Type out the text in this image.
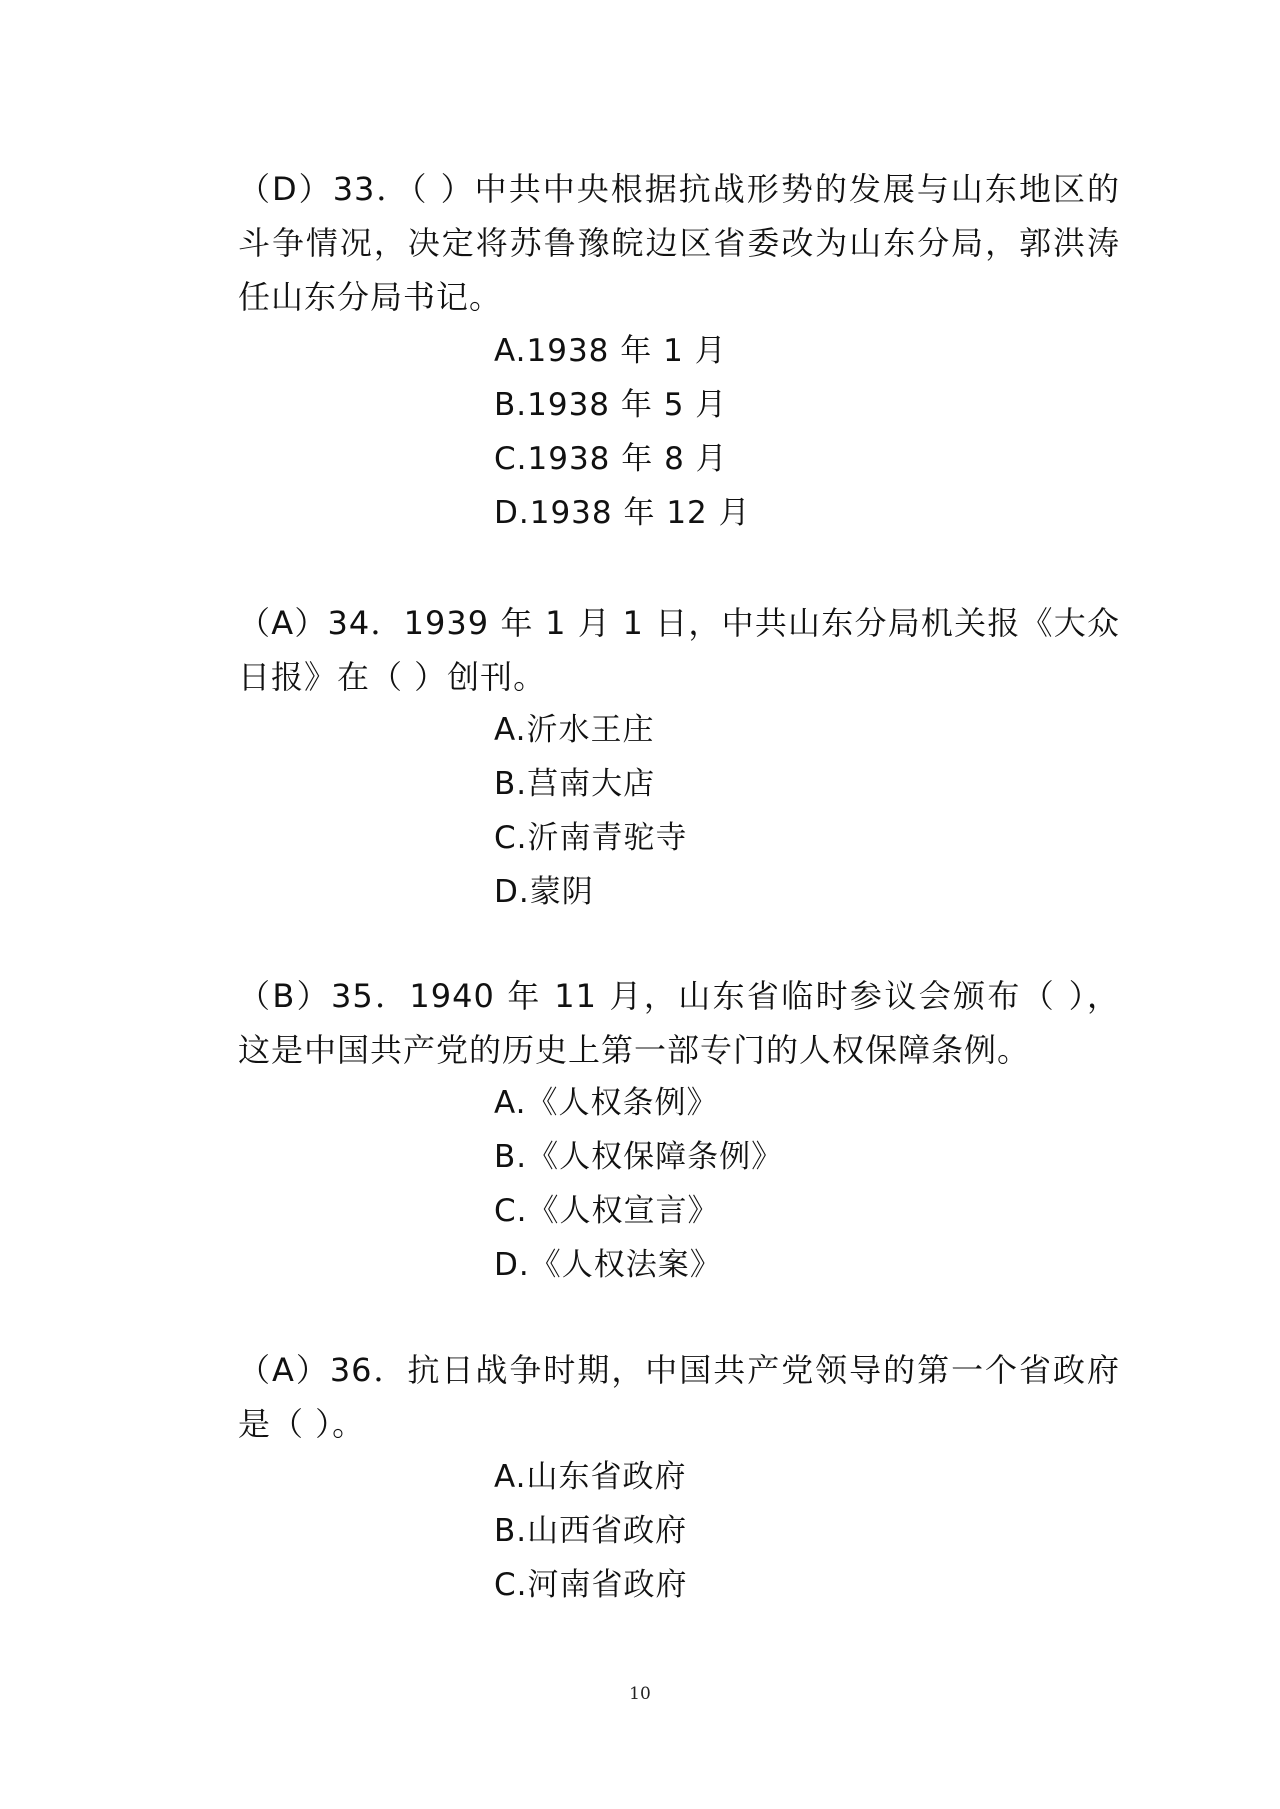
（D）33．（ ）中共中央根据抗战形势的发展与山东地区的斗争情况，决定将苏鲁豫皖边区省委改为山东分局，郭洪涛任山东分局书记。

A.1938 年 1 月
B.1938 年 5 月
C.1938 年 8 月
D.1938 年 12 月

（A）34．1939 年 1 月 1 日，中共山东分局机关报《大众日报》在（ ）创刊。

A.沂水王庄
B.莒南大店
C.沂南青驼寺
D.蒙阴

（B）35．1940 年 11 月，山东省临时参议会颁布（ ），这是中国共产党的历史上第一部专门的人权保障条例。

A.《人权条例》
B.《人权保障条例》
C.《人权宣言》
D.《人权法案》

（A）36．抗日战争时期，中国共产党领导的第一个省政府是（ ）。

A.山东省政府
B.山西省政府
C.河南省政府
10
